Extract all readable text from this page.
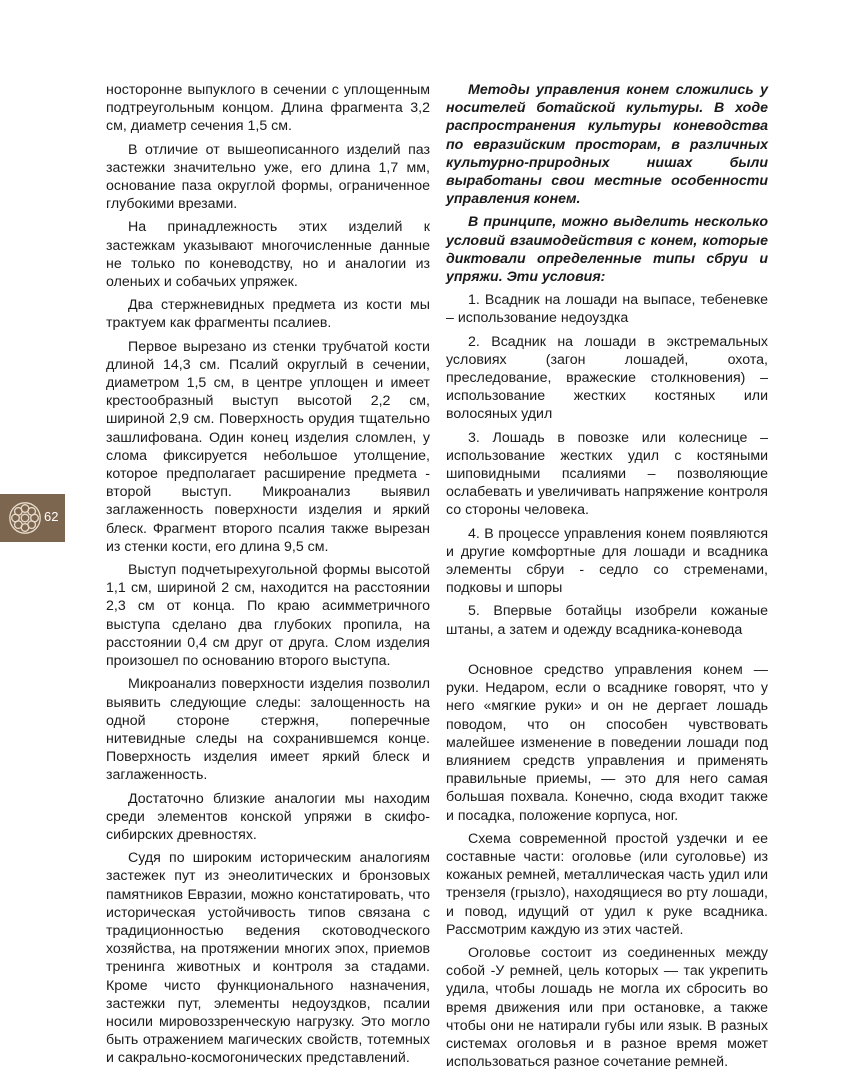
носторонне выпуклого в сечении с уплощенным подтреугольным концом. Длина фрагмента 3,2 см, диаметр сечения 1,5 см.

В отличие от вышеописанного изделий паз застежки значительно уже, его длина 1,7 мм, основание паза округлой формы, ограниченное глубокими врезами.

На принадлежность этих изделий к застежкам указывают многочисленные данные не только по коневодству, но и аналогии из оленьих и собачьих упряжек.

Два стержневидных предмета из кости мы трактуем как фрагменты псалиев.

Первое вырезано из стенки трубчатой кости длиной 14,3 см. Псалий округлый в сечении, диаметром 1,5 см, в центре уплощен и имеет крестообразный выступ высотой 2,2 см, шириной 2,9 см. Поверхность орудия тщательно зашлифована. Один конец изделия сломлен, у слома фиксируется небольшое утолщение, которое предполагает расширение предмета - второй выступ. Микроанализ выявил заглаженность поверхности изделия и яркий блеск. Фрагмент второго псалия также вырезан из стенки кости, его длина 9,5 см.

Выступ подчетырехугольной формы высотой 1,1 см, шириной 2 см, находится на расстоянии 2,3 см от конца. По краю асимметричного выступа сделано два глубоких пропила, на расстоянии 0,4 см друг от друга. Слом изделия произошел по основанию второго выступа.

Микроанализ поверхности изделия позволил выявить следующие следы: залощенность на одной стороне стержня, поперечные нитевидные следы на сохранившемся конце. Поверхность изделия имеет яркий блеск и заглаженность.

Достаточно близкие аналогии мы находим среди элементов конской упряжи в скифо-сибирских древностях.

Судя по широким историческим аналогиям застежек пут из энеолитических и бронзовых памятников Евразии, можно констатировать, что историческая устойчивость типов связана с традиционностью ведения скотоводческого хозяйства, на протяжении многих эпох, приемов тренинга животных и контроля за стадами. Кроме чисто функционального назначения, застежки пут, элементы недоуздков, псалии носили мировоззренческую нагрузку. Это могло быть отражением магических свойств, тотемных и сакрально-космогонических представлений.

Методы управления конем сложились у носителей ботайской культуры. В ходе распространения культуры коневодства по евразийским просторам, в различных культурно-природных нишах были выработаны свои местные особенности управления конем.

В принципе, можно выделить несколько условий взаимодействия с конем, которые диктовали определенные типы сбруи и упряжи. Эти условия:

1. Всадник на лошади на выпасе, тебеневке – использование недоуздка

2. Всадник на лошади в экстремальных условиях (загон лошадей, охота, преследование, вражеские столкновения) – использование жестких костяных или волосяных удил

3. Лошадь в повозке или колеснице – использование жестких удил с костяными шиповидными псалиями – позволяющие ослабевать и увеличивать напряжение контроля со стороны человека.

4. В процессе управления конем появляются и другие комфортные для лошади и всадника элементы сбруи - седло со стременами, подковы и шпоры

5. Впервые ботайцы изобрели кожаные штаны, а затем и одежду всадника-коневода

Основное средство управления конем — руки. Недаром, если о всаднике говорят, что у него «мягкие руки» и он не дергает лошадь поводом, что он способен чувствовать малейшее изменение в поведении лошади под влиянием средств управления и применять правильные приемы, — это для него самая большая похвала. Конечно, сюда входит также и посадка, положение корпуса, ног.

Схема современной простой уздечки и ее составные части: оголовье (или суголовье) из кожаных ремней, металлическая часть удил или трензеля (грызло), находящиеся во рту лошади, и повод, идущий от удил к руке всадника. Рассмотрим каждую из этих частей.

Оголовье состоит из соединенных между собой -У ремней, цель которых — так укрепить удила, чтобы лошадь не могла их сбросить во время движения или при остановке, а также чтобы они не натирали губы или язык. В разных системах оголовья и в разное время может использоваться разное сочетание ремней.

62
